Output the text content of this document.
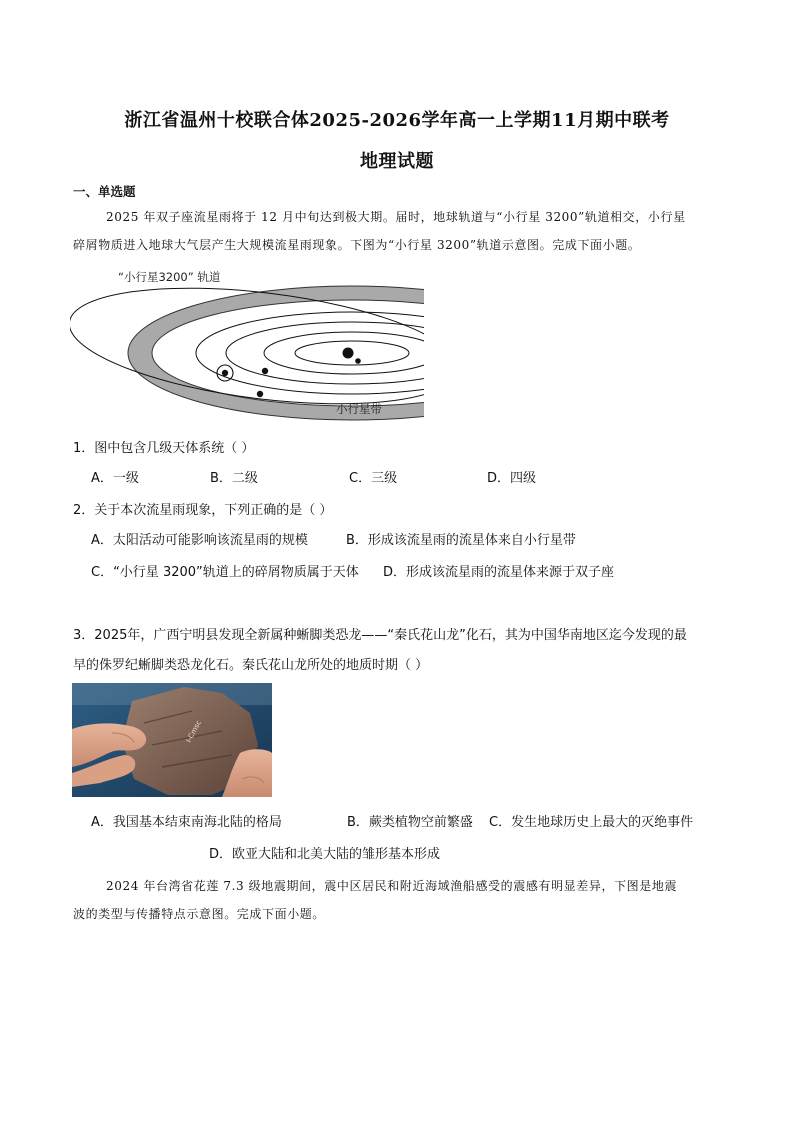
浙江省温州十校联合体2025-2026学年高一上学期11月期中联考
地理试题
一、单选题
2025 年双子座流星雨将于 12 月中旬达到极大期。届时，地球轨道与“小行星 3200”轨道相交，小行星
碎屑物质进入地球大气层产生大规模流星雨现象。下图为“小行星 3200”轨道示意图。完成下面小题。
“小行星3200” 轨道
小行星带
1．图中包含几级天体系统（ ）
A．一级	B．二级	C．三级	D．四级
2．关于本次流星雨现象，下列正确的是（ ）
A．太阳活动可能影响该流星雨的规模	B．形成该流星雨的流星体来自小行星带
C．“小行星 3200”轨道上的碎屑物质属于天体 D．形成该流星雨的流星体来源于双子座
3．2025年，广西宁明县发现全新属种蜥脚类恐龙——“秦氏花山龙”化石，其为中国华南地区迄今发现的最
早的侏罗纪蜥脚类恐龙化石。秦氏花山龙所处的地质时期（ ）
I-Cmsc
A．我国基本结束南海北陆的格局	B．蕨类植物空前繁盛 C．发生地球历史上最大的灭绝事件
D．欧亚大陆和北美大陆的雏形基本形成
2024 年台湾省花莲 7.3 级地震期间，震中区居民和附近海域渔船感受的震感有明显差异，下图是地震
波的类型与传播特点示意图。完成下面小题。
